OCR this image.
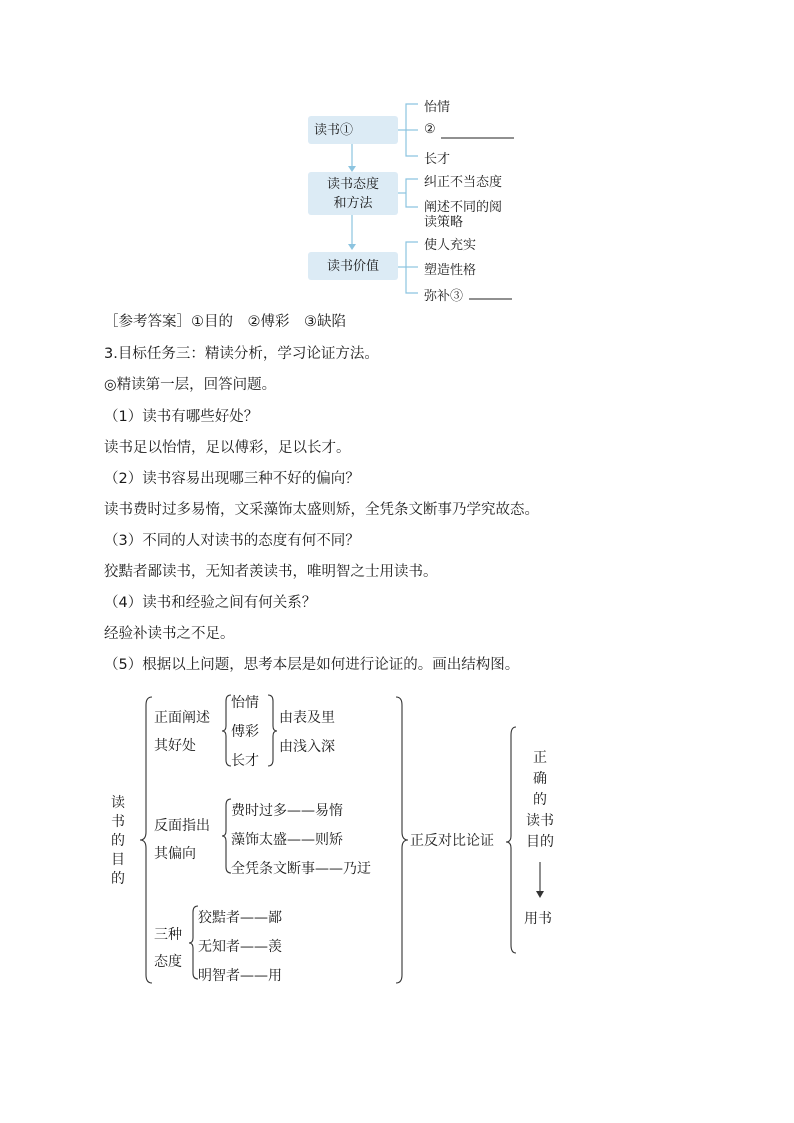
读书①
读书态度
和方法
读书价值
怡情
②
长才
纠正不当态度
阐述不同的阅
读策略
使人充实
塑造性格
弥补③
［参考答案］①目的　②傅彩　③缺陷
3.目标任务三：精读分析，学习论证方法。
◎精读第一层，回答问题。
（1）读书有哪些好处？
读书足以怡情，足以傅彩，足以长才。
（2）读书容易出现哪三种不好的偏向？
读书费时过多易惰，文采藻饰太盛则矫，全凭条文断事乃学究故态。
（3）不同的人对读书的态度有何不同？
狡黠者鄙读书，无知者羡读书，唯明智之士用读书。
（4）读书和经验之间有何关系？
经验补读书之不足。
（5）根据以上问题，思考本层是如何进行论证的。画出结构图。
读
书
的
目
的
正面阐述
其好处
怡情
傅彩
长才
由表及里
由浅入深
反面指出
其偏向
费时过多——易惰
藻饰太盛——则矫
全凭条文断事——乃迂
三种
态度
狡黠者——鄙
无知者——羡
明智者——用
正反对比论证
正
确
的
读书
目的
用书
